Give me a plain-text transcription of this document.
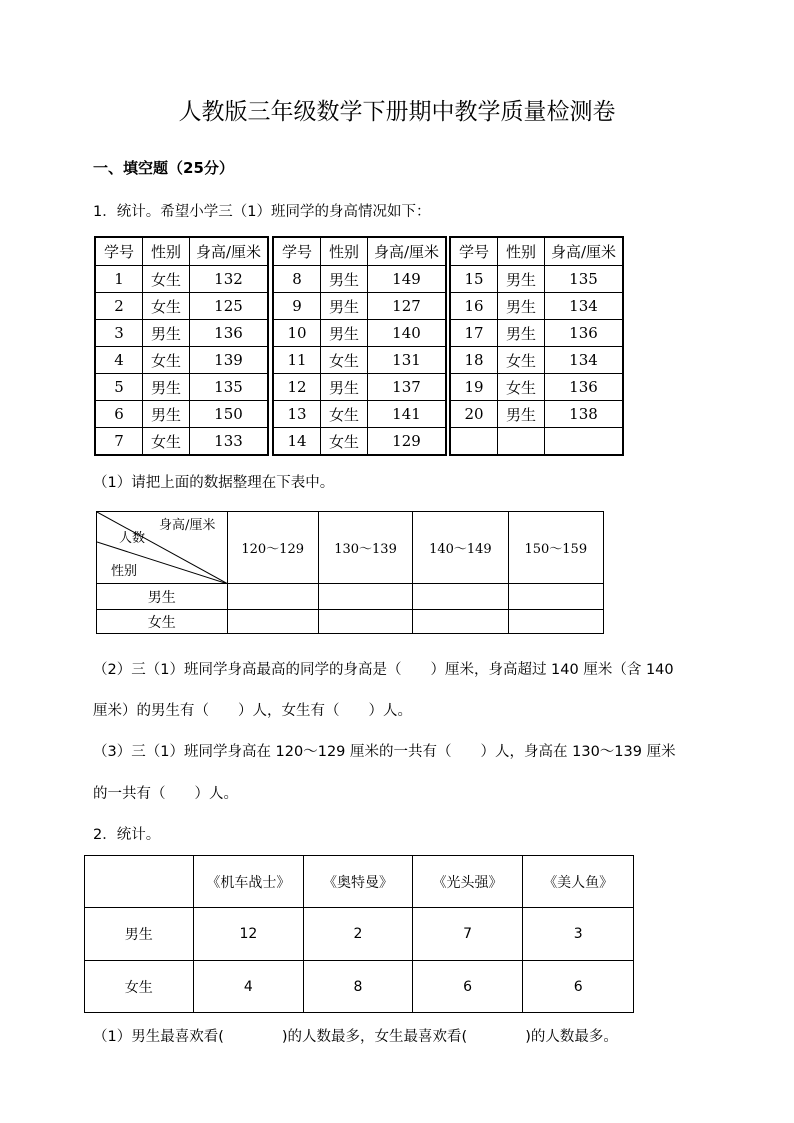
人教版三年级数学下册期中教学质量检测卷
一、填空题（25分）
1．统计。希望小学三（1）班同学的身高情况如下：
学号	性别	身高/厘米
1	女生	132
2	女生	125
3	男生	136
4	女生	139
5	男生	135
6	男生	150
7	女生	133
学号	性别	身高/厘米
8	男生	149
9	男生	127
10	男生	140
11	女生	131
12	男生	137
13	女生	141
14	女生	129
学号	性别	身高/厘米
15	男生	135
16	男生	134
17	男生	136
18	女生	134
19	女生	136
20	男生	138

（1）请把上面的数据整理在下表中。
身高/厘米
人数
性别	120～129	130～139	140～149	150～159
男生				
女生				
（2）三（1）班同学身高最高的同学的身高是（　　）厘米，身高超过 140 厘米（含 140
厘米）的男生有（　　）人，女生有（　　）人。
（3）三（1）班同学身高在 120～129 厘米的一共有（　　）人，身高在 130～139 厘米
的一共有（　　）人。
2．统计。
	《机车战士》	《奥特曼》	《光头强》	《美人鱼》
男生	12	2	7	3
女生	4	8	6	6
（1）男生最喜欢看(　　　　)的人数最多，女生最喜欢看(　　　　)的人数最多。
